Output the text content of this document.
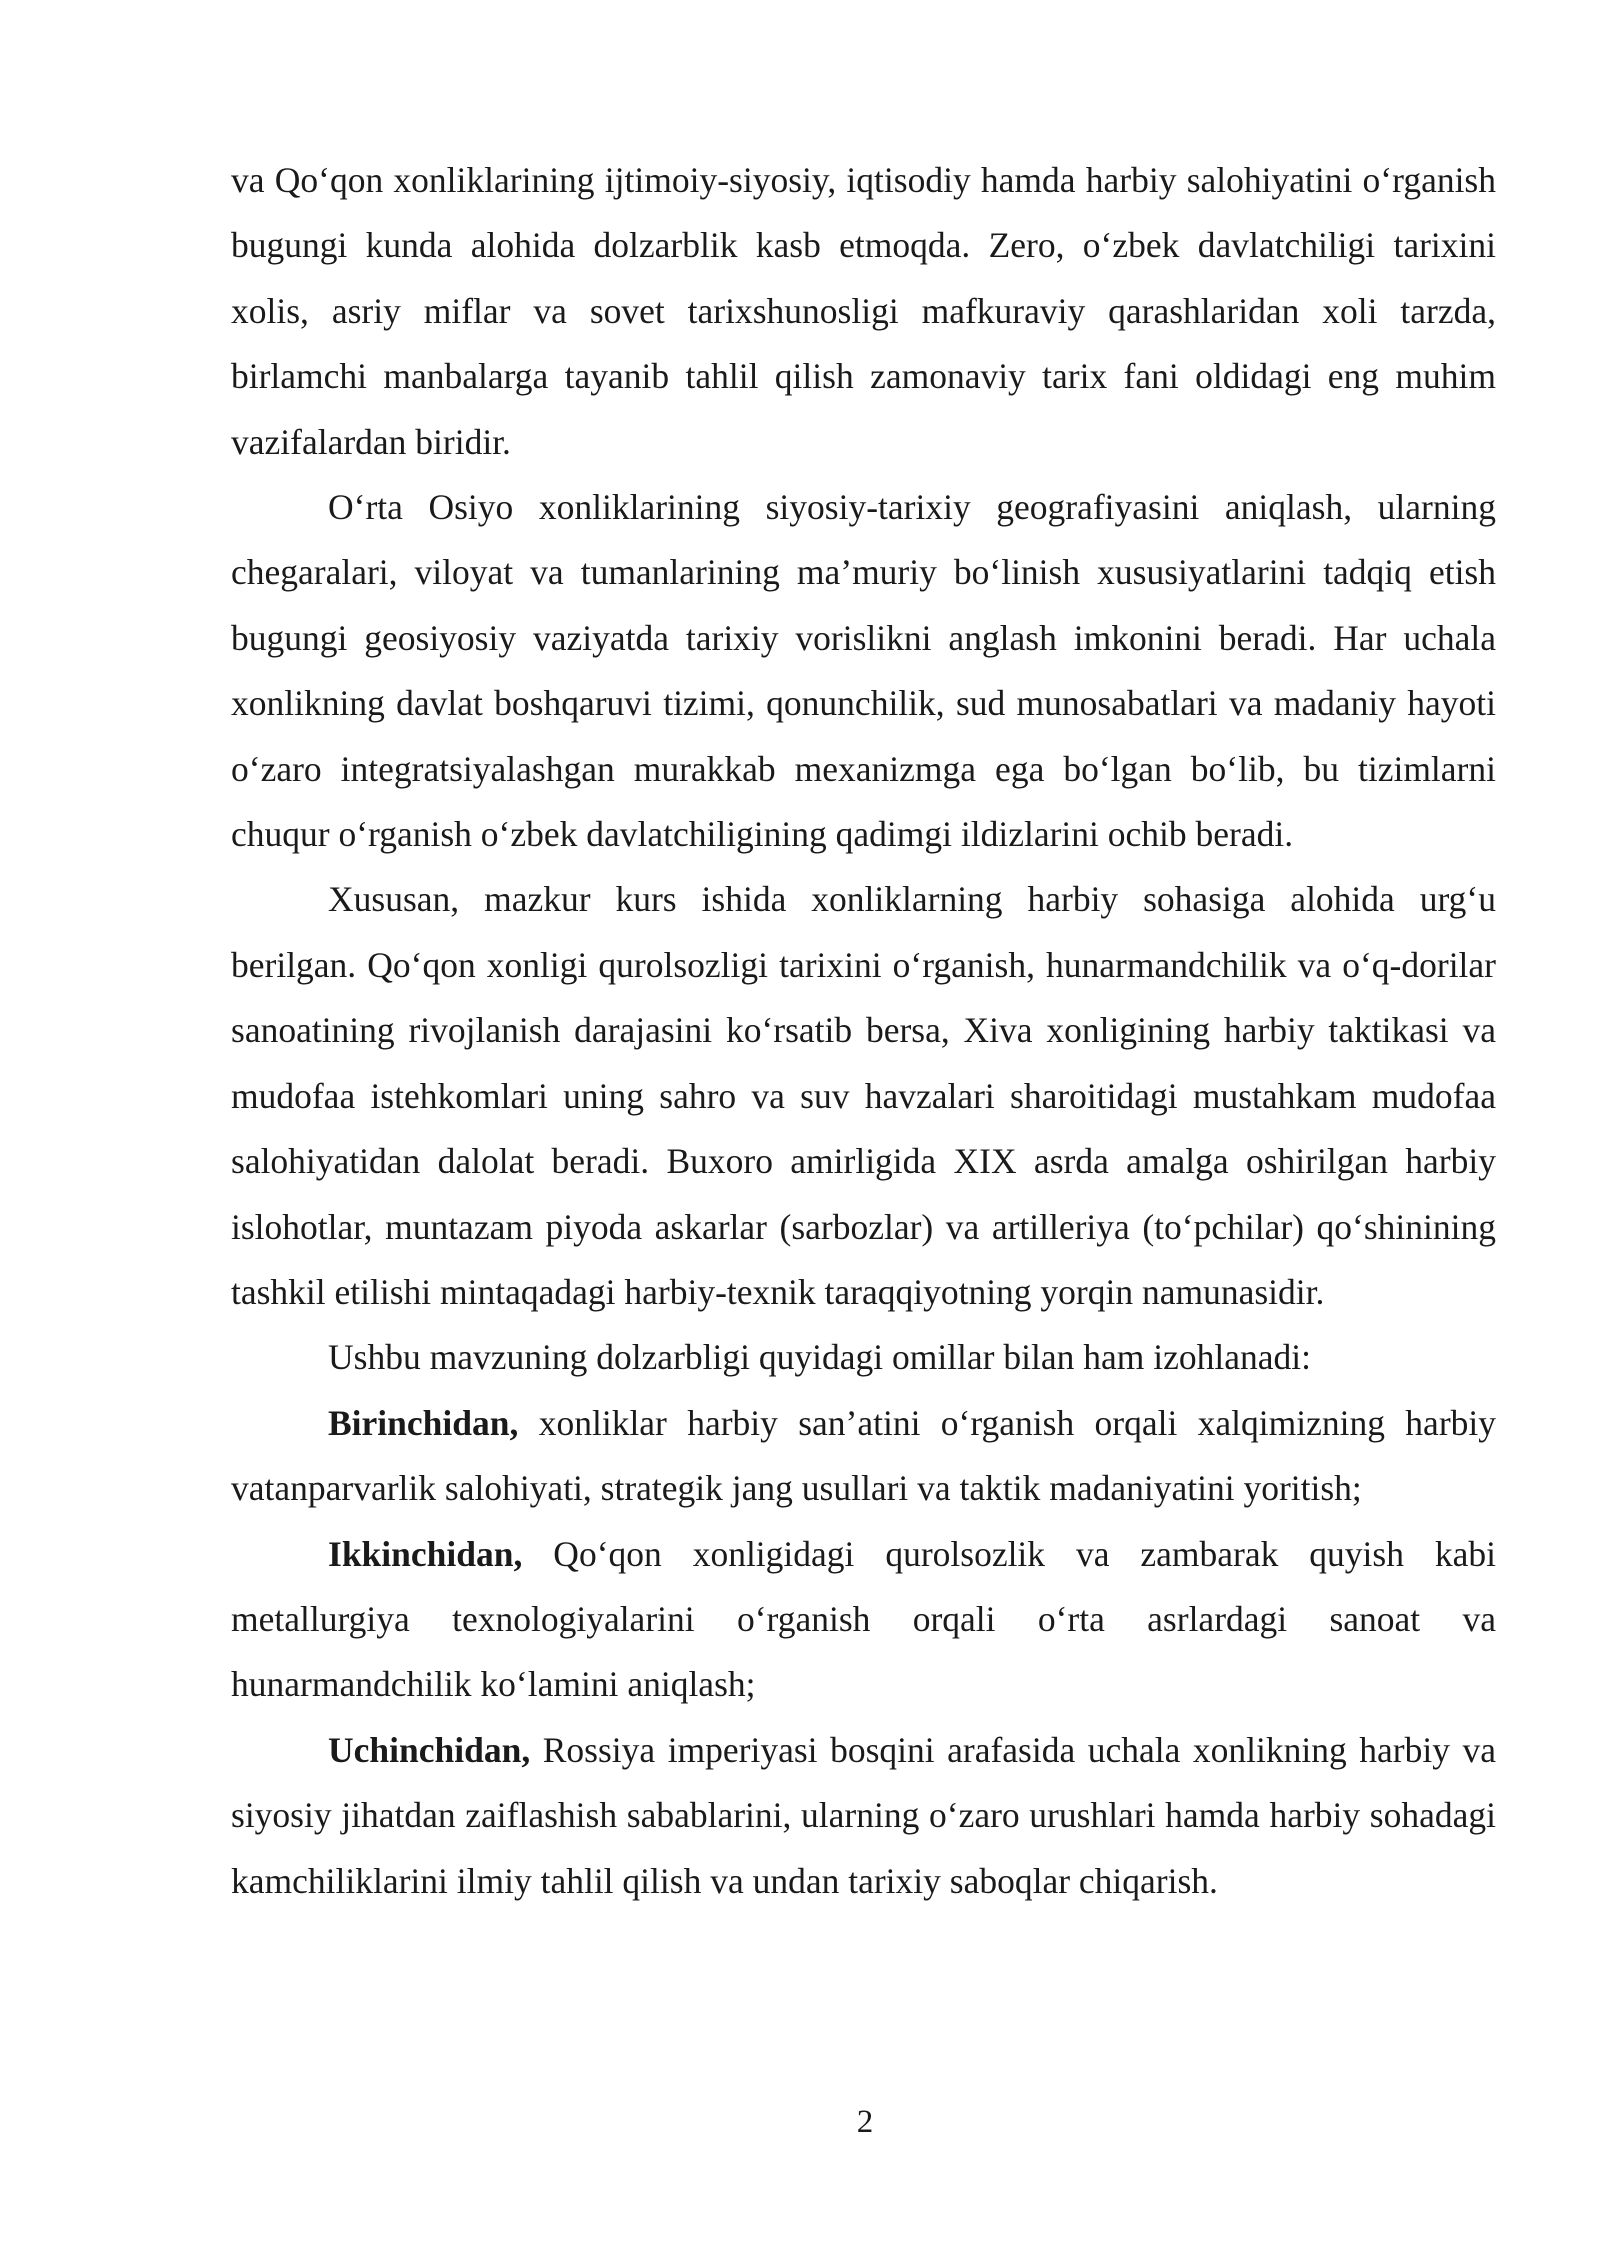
va Qo‘qon xonliklarining ijtimoiy-siyosiy, iqtisodiy hamda harbiy salohiyatini o‘rganish bugungi kunda alohida dolzarblik kasb etmoqda. Zero, o‘zbek davlatchiligi tarixini xolis, asriy miflar va sovet tarixshunosligi mafkuraviy qarashlaridan xoli tarzda, birlamchi manbalarga tayanib tahlil qilish zamonaviy tarix fani oldidagi eng muhim vazifalardan biridir.

O‘rta Osiyo xonliklarining siyosiy-tarixiy geografiyasini aniqlash, ularning chegaralari, viloyat va tumanlarining ma’muriy bo‘linish xususiyatlarini tadqiq etish bugungi geosiyosiy vaziyatda tarixiy vorislikni anglash imkonini beradi. Har uchala xonlikning davlat boshqaruvi tizimi, qonunchilik, sud munosabatlari va madaniy hayoti o‘zaro integratsiyalashgan murakkab mexanizmga ega bo‘lgan bo‘lib, bu tizimlarni chuqur o‘rganish o‘zbek davlatchiligining qadimgi ildizlarini ochib beradi.

Xususan, mazkur kurs ishida xonliklarning harbiy sohasiga alohida urg‘u berilgan. Qo‘qon xonligi qurolsozligi tarixini o‘rganish, hunarmandchilik va o‘q-dorilar sanoatining rivojlanish darajasini ko‘rsatib bersa, Xiva xonligining harbiy taktikasi va mudofaa istehkomlari uning sahro va suv havzalari sharoitidagi mustahkam mudofaa salohiyatidan dalolat beradi. Buxoro amirligida XIX asrda amalga oshirilgan harbiy islohotlar, muntazam piyoda askarlar (sarbozlar) va artilleriya (to‘pchilar) qo‘shinining tashkil etilishi mintaqadagi harbiy-texnik taraqqiyotning yorqin namunasidir.

Ushbu mavzuning dolzarbligi quyidagi omillar bilan ham izohlanadi:

Birinchidan, xonliklar harbiy san’atini o‘rganish orqali xalqimizning harbiy vatanparvarlik salohiyati, strategik jang usullari va taktik madaniyatini yoritish;

Ikkinchidan, Qo‘qon xonligidagi qurolsozlik va zambarak quyish kabi metallurgiya texnologiyalarini o‘rganish orqali o‘rta asrlardagi sanoat va hunarmandchilik ko‘lamini aniqlash;

Uchinchidan, Rossiya imperiyasi bosqini arafasida uchala xonlikning harbiy va siyosiy jihatdan zaiflashish sabablarini, ularning o‘zaro urushlari hamda harbiy sohadagi kamchiliklarini ilmiy tahlil qilish va undan tarixiy saboqlar chiqarish.

2
